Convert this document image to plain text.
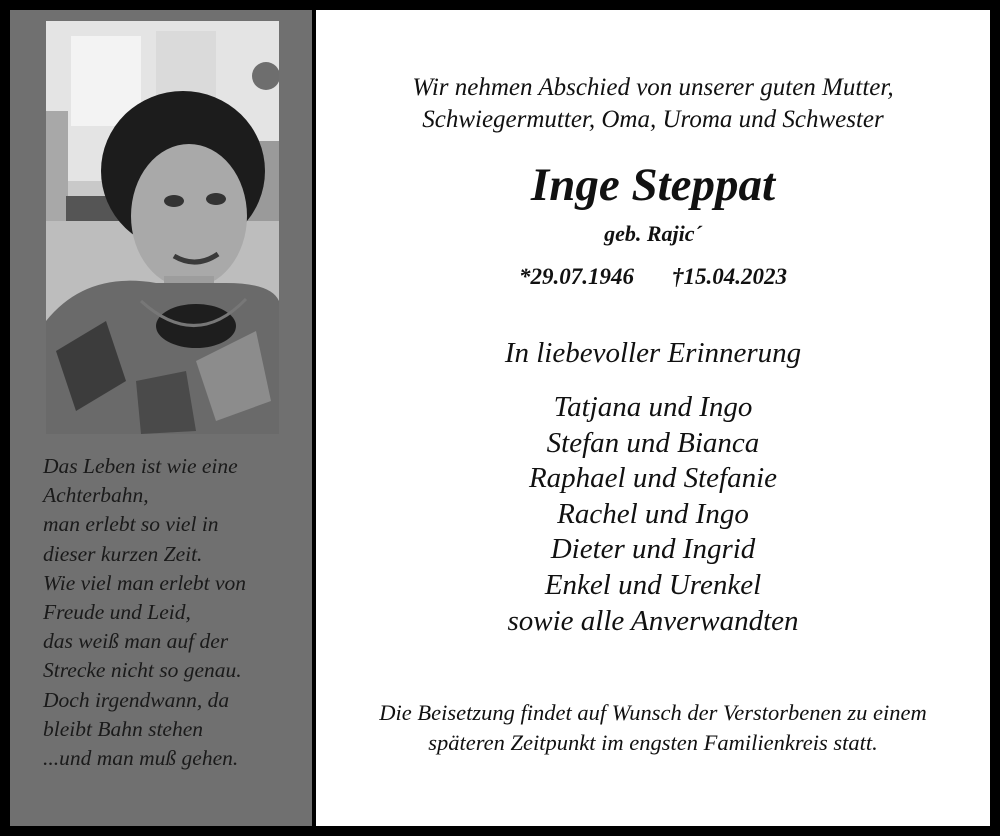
Das Leben ist wie eine
Achterbahn,
man erlebt so viel in
dieser kurzen Zeit.
Wie viel man erlebt von
Freude und Leid,
das weiß man auf der
Strecke nicht so genau.
Doch irgendwann, da
bleibt Bahn stehen
...und man muß gehen.
Wir nehmen Abschied von unserer guten Mutter,
Schwiegermutter, Oma, Uroma und Schwester
Inge Steppat
geb. Rajic´
*29.07.1946 †15.04.2023
In liebevoller Erinnerung
Tatjana und Ingo
Stefan und Bianca
Raphael und Stefanie
Rachel und Ingo
Dieter und Ingrid
Enkel und Urenkel
sowie alle Anverwandten
Die Beisetzung findet auf Wunsch der Verstorbenen zu einem
späteren Zeitpunkt im engsten Familienkreis statt.
